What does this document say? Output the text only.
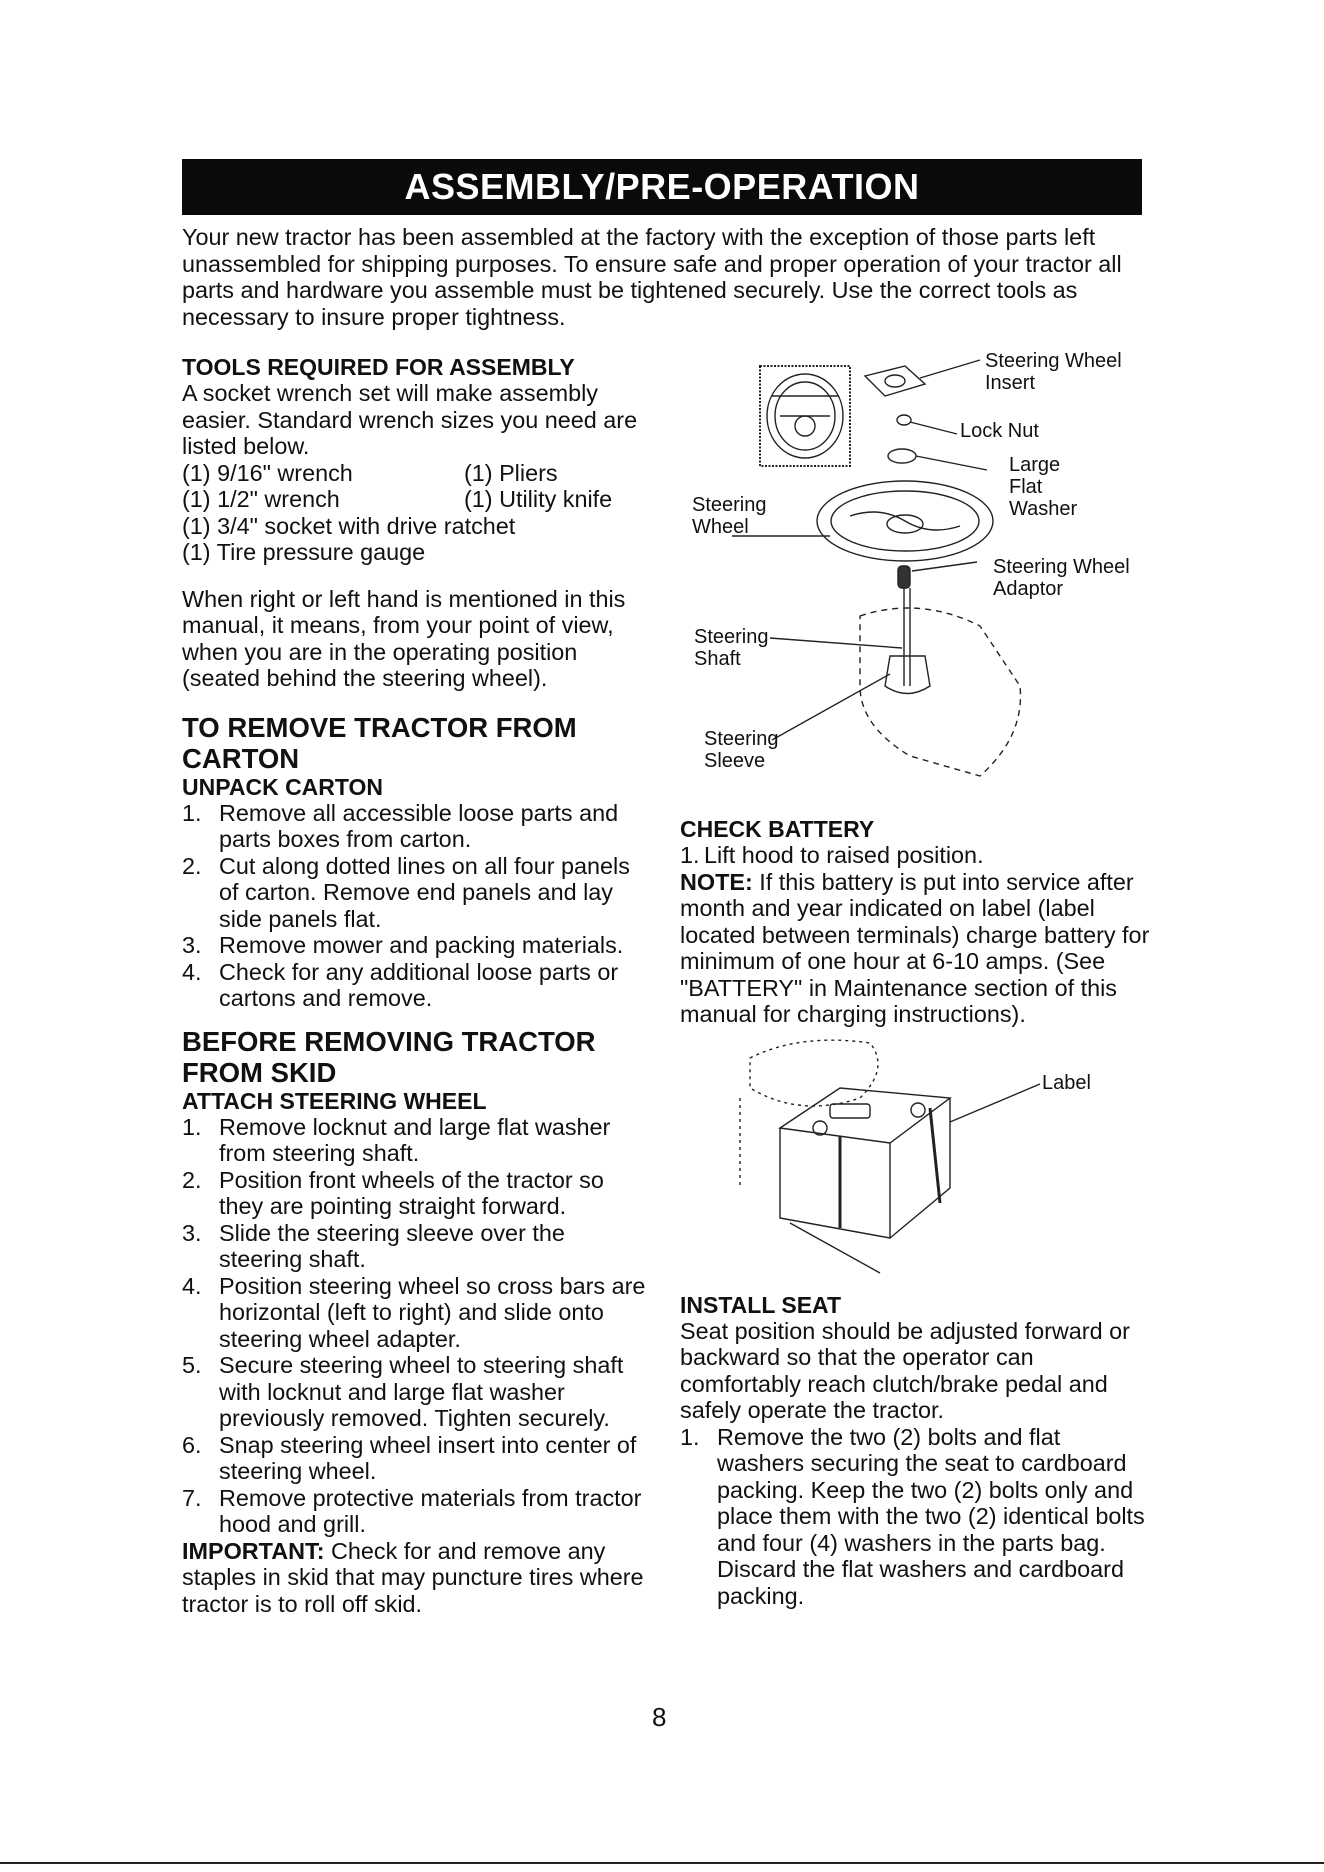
ASSEMBLY/PRE-OPERATION

Your new tractor has been assembled at the factory with the exception of those parts left unassembled for shipping purposes. To ensure safe and proper operation of your tractor all parts and hardware you assemble must be tightened securely. Use the correct tools as necessary to insure proper tightness.

TOOLS REQUIRED FOR ASSEMBLY

A socket wrench set will make assembly easier. Standard wrench sizes you need are listed below.

(1) 9/16" wrench	(1) Pliers
(1) 1/2" wrench	(1) Utility knife
(1) 3/4" socket with drive ratchet
(1) Tire pressure gauge

When right or left hand is mentioned in this manual, it means, from your point of view, when you are in the operating position (seated behind the steering wheel).

TO REMOVE TRACTOR FROM CARTON
UNPACK CARTON
1. Remove all accessible loose parts and parts boxes from carton.
2. Cut along dotted lines on all four panels of carton. Remove end panels and lay side panels flat.
3. Remove mower and packing materials.
4. Check for any additional loose parts or cartons and remove.
BEFORE REMOVING TRACTOR FROM SKID
ATTACH STEERING WHEEL
1. Remove locknut and large flat washer from steering shaft.
2. Position front wheels of the tractor so they are pointing straight forward.
3. Slide the steering sleeve over the steering shaft.
4. Position steering wheel so cross bars are horizontal (left to right) and slide onto steering wheel adapter.
5. Secure steering wheel to steering shaft with locknut and large flat washer previously removed. Tighten securely.
6. Snap steering wheel insert into center of steering wheel.
7. Remove protective materials from tractor hood and grill.

IMPORTANT: Check for and remove any staples in skid that may puncture tires where tractor is to roll off skid.

Steering Wheel Insert
Lock Nut
Large Flat Washer
Steering Wheel
Steering Wheel Adaptor
Steering Shaft
Steering Sleeve
CHECK BATTERY
1. Lift hood to raised position.

NOTE: If this battery is put into service after month and year indicated on label (label located between terminals) charge battery for minimum of one hour at 6-10 amps. (See "BATTERY" in Maintenance section of this manual for charging instructions).

Label
INSTALL SEAT

Seat position should be adjusted forward or backward so that the operator can comfortably reach clutch/brake pedal and safely operate the tractor.

1. Remove the two (2) bolts and flat washers securing the seat to cardboard packing. Keep the two (2) bolts only and place them with the two (2) identical bolts and four (4) washers in the parts bag. Discard the flat washers and cardboard packing.
8
